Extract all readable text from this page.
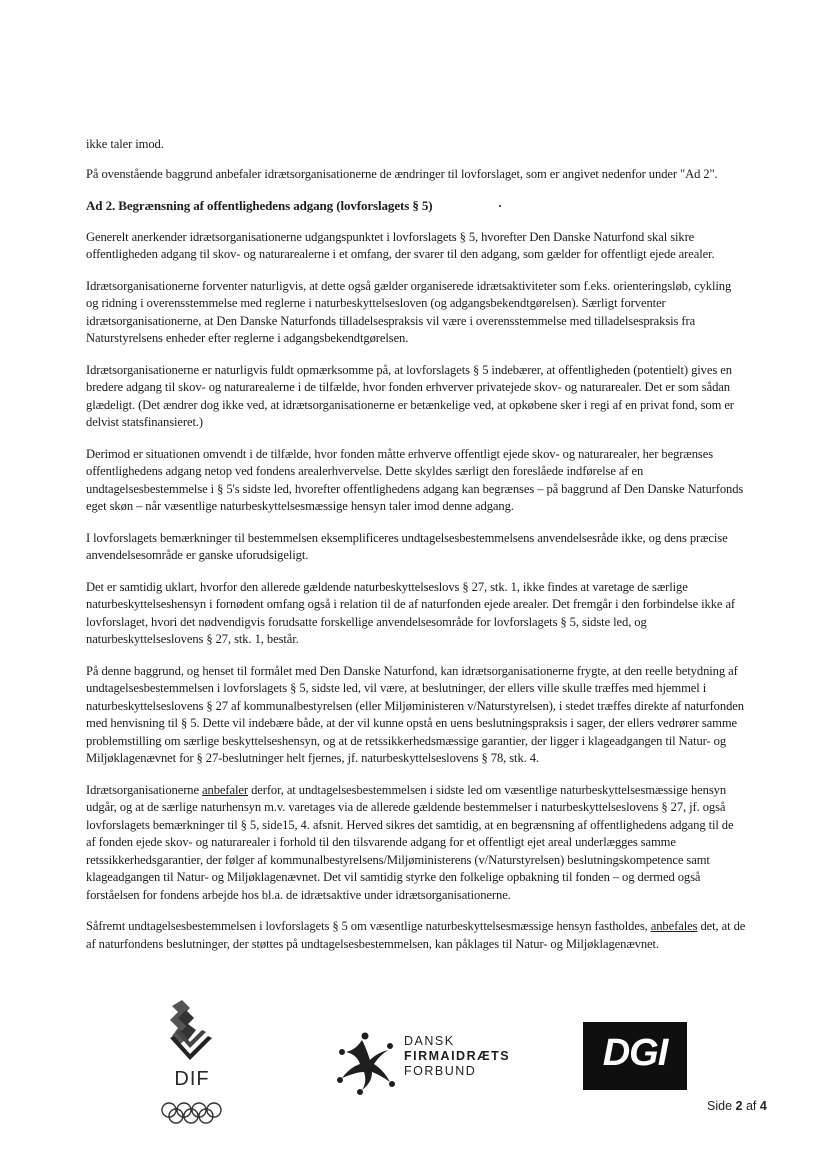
ikke taler imod.

På ovenstående baggrund anbefaler idrætsorganisationerne de ændringer til lovforslaget, som er angivet nedenfor under "Ad 2".

Ad 2. Begrænsning af offentlighedens adgang (lovforslagets § 5)

Generelt anerkender idrætsorganisationerne udgangspunktet i lovforslagets § 5, hvorefter Den Danske Naturfond skal sikre offentligheden adgang til skov- og naturarealerne i et omfang, der svarer til den adgang, som gælder for offentligt ejede arealer.

Idrætsorganisationerne forventer naturligvis, at dette også gælder organiserede idrætsaktiviteter som f.eks. orienteringsløb, cykling og ridning i overensstemmelse med reglerne i naturbeskyttelsesloven (og adgangsbekendtgørelsen). Særligt forventer idrætsorganisationerne, at Den Danske Naturfonds tilladelsespraksis vil være i overensstemmelse med tilladelsespraksis fra Naturstyrelsens enheder efter reglerne i adgangsbekendtgørelsen.

Idrætsorganisationerne er naturligvis fuldt opmærksomme på, at lovforslagets § 5 indebærer, at offentligheden (potentielt) gives en bredere adgang til skov- og naturarealerne i de tilfælde, hvor fonden erhverver privatejede skov- og naturarealer. Det er som sådan glædeligt. (Det ændrer dog ikke ved, at idrætsorganisationerne er betænkelige ved, at opkøbene sker i regi af en privat fond, som er delvist statsfinansieret.)

Derimod er situationen omvendt i de tilfælde, hvor fonden måtte erhverve offentligt ejede skov- og naturarealer, her begrænses offentlighedens adgang netop ved fondens arealerhvervelse. Dette skyldes særligt den foreslåede indførelse af en undtagelsesbestemmelse i § 5's sidste led, hvorefter offentlighedens adgang kan begrænses – på baggrund af Den Danske Naturfonds eget skøn – når væsentlige naturbeskyttelsesmæssige hensyn taler imod denne adgang.

I lovforslagets bemærkninger til bestemmelsen eksemplificeres undtagelsesbestemmelsens anvendelsesråde ikke, og dens præcise anvendelsesområde er ganske uforudsigeligt.

Det er samtidig uklart, hvorfor den allerede gældende naturbeskyttelseslovs § 27, stk. 1, ikke findes at varetage de særlige naturbeskyttelseshensyn i fornødent omfang også i relation til de af naturfonden ejede arealer. Det fremgår i den forbindelse ikke af lovforslaget, hvori det nødvendigvis forudsatte forskellige anvendelsesområde for lovforslagets § 5, sidste led, og naturbeskyttelseslovens § 27, stk. 1, består.

På denne baggrund, og henset til formålet med Den Danske Naturfond, kan idrætsorganisationerne frygte, at den reelle betydning af undtagelsesbestemmelsen i lovforslagets § 5, sidste led, vil være, at beslutninger, der ellers ville skulle træffes med hjemmel i naturbeskyttelseslovens § 27 af kommunalbestyrelsen (eller Miljøministeren v/Naturstyrelsen), i stedet træffes direkte af naturfonden med henvisning til § 5. Dette vil indebære både, at der vil kunne opstå en uens beslutningspraksis i sager, der ellers vedrører samme problemstilling om særlige beskyttelseshensyn, og at de retssikkerhedsmæssige garantier, der ligger i klageadgangen til Natur- og Miljøklagenævnet for § 27-beslutninger helt fjernes, jf. naturbeskyttelseslovens § 78, stk. 4.

Idrætsorganisationerne anbefaler derfor, at undtagelsesbestemmelsen i sidste led om væsentlige naturbeskyttelsesmæssige hensyn udgår, og at de særlige naturhensyn m.v. varetages via de allerede gældende bestemmelser i naturbeskyttelseslovens § 27, jf. også lovforslagets bemærkninger til § 5, side15, 4. afsnit. Herved sikres det samtidig, at en begrænsning af offentlighedens adgang til de af fonden ejede skov- og naturarealer i forhold til den tilsvarende adgang for et offentligt ejet areal underlægges samme retssikkerhedsgarantier, der følger af kommunalbestyrelsens/Miljøministerens (v/Naturstyrelsen) beslutningskompetence samt klageadgangen til Natur- og Miljøklagenævnet. Det vil samtidig styrke den folkelige opbakning til fonden – og dermed også forståelsen for fondens arbejde hos bl.a. de idrætsaktive under idrætsorganisationerne.

Såfremt undtagelsesbestemmelsen i lovforslagets § 5 om væsentlige naturbeskyttelsesmæssige hensyn fastholdes, anbefales det, at de af naturfondens beslutninger, der støttes på undtagelsesbestemmelsen, kan påklages til Natur- og Miljøklagenævnet.

DIF
DANSK
FIRMAIDRÆTS
FORBUND	DGI
Side 2 af 4
